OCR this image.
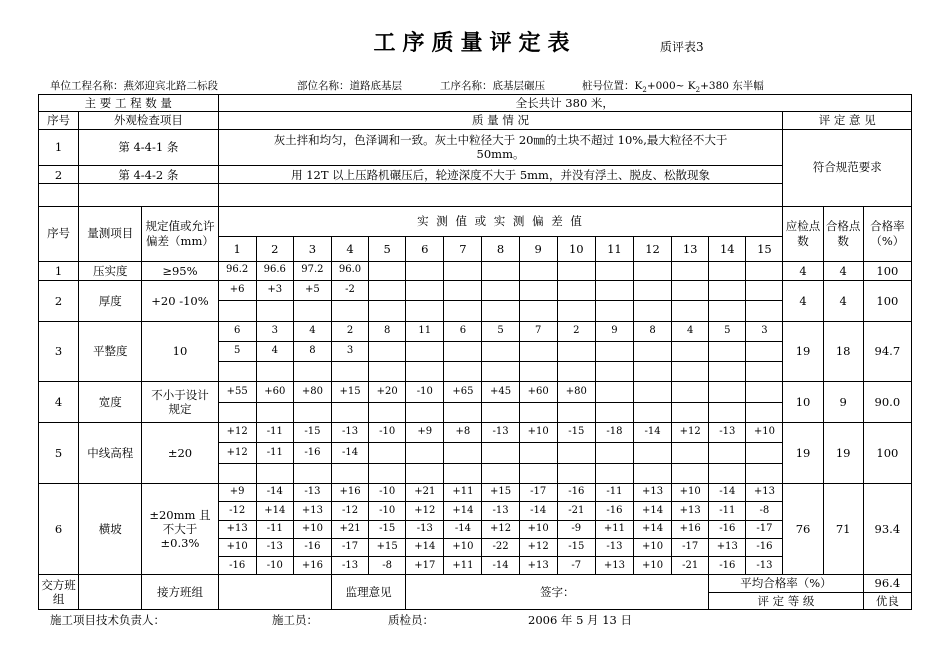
工序质量评定表	质评表3
单位工程名称：燕郊迎宾北路二标段	部位名称：道路底基层	工序名称：底基层碾压	桩号位置：$K_2+000\sim$ $K_2+380$ 东半幅
主 要 工 程 数 量			全长共计 380 米，																	
序号	外观检查项目		质 量 情 况															评 定 意 见		
1	第 4-4-1 条		灰土拌和均匀，色泽调和一致。灰土中粒径大于 20㎜的土块不超过 10%,最大粒径不大于 50mm。															符合规范要求		
2	第 4-4-2 条		用 12T 以上压路机碾压后，轮迹深度不大于 5mm，并没有浮土、脱皮、松散现象																	

序号	量测项目	规定值或允许偏差（mm）	实 测 值 或 实 测 偏 差 值															应检点数	合格点数	合格率（%）
			1	2	3	4	5	6	7	8	9	10	11	12	13	14	15			
1	压实度	≥95%	96.2	96.6	97.2	96.0												4	4	100
2	厚度	+20 -10%	+6	+3	+5	-2												4	4	100

3	平整度	10	6	3	4	2	8	11	6	5	7	2	9	8	4	5	3	19	18	94.7
			5	4	8	3														

4	宽度	不小于设计规定	+55	+60	+80	+15	+20	-10	+65	+45	+60	+80						10	9	90.0

5	中线高程	±20	+12	-11	-15	-13	-10	+9	+8	-13	+10	-15	-18	-14	+12	-13	+10	19	19	100
			+12	-11	-16	-14														

6	横坡	±20mm 且不大于±0.3%	+9	-14	-13	+16	-10	+21	+11	+15	-17	-16	-11	+13	+10	-14	+13	76	71	93.4
			-12	+14	+13	-12	-10	+12	+14	-13	-14	-21	-16	+14	+13	-11	-8			
			+13	-11	+10	+21	-15	-13	-14	+12	+10	-9	+11	+14	+16	-16	-17			
			+10	-13	-16	-17	+15	+14	+10	-22	+12	-15	-13	+10	-17	+13	-16			
			-16	-10	+16	-13	-8	+17	+11	-14	+13	-7	+13	+10	-21	-16	-13			
交方班组		接方班组				监理意见		签字：								平均合格率（%）				96.4
																评 定 等 级				优良
施工项目技术负责人：	施工员：	质检员：	2006 年 5 月 13 日
